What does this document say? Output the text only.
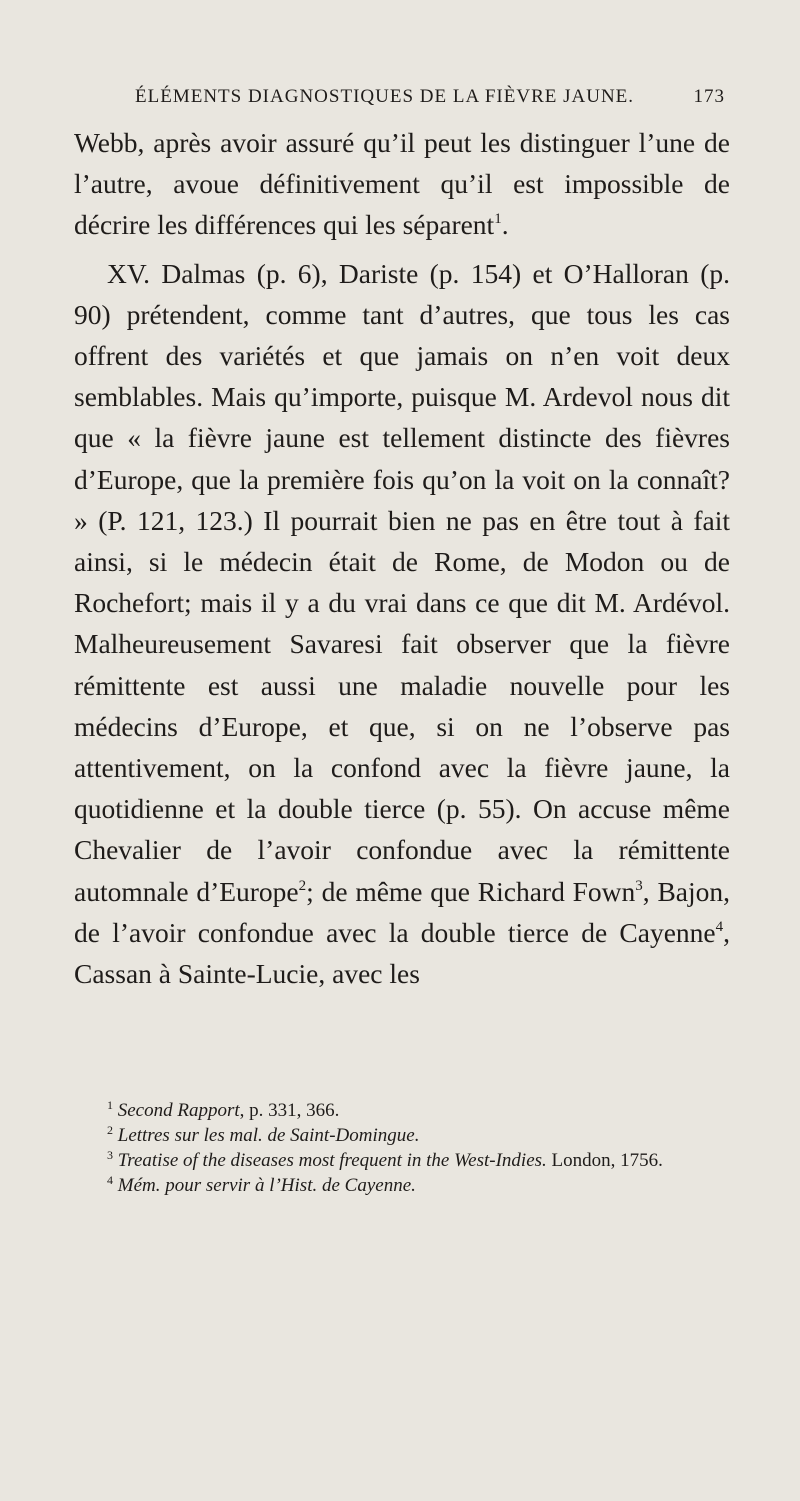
ÉLÉMENTS DIAGNOSTIQUES DE LA FIÈVRE JAUNE.	173

Webb, après avoir assuré qu’il peut les distinguer l’une de l’autre, avoue définitivement qu’il est impossible de décrire les différences qui les séparent$^1$.

XV. Dalmas (p. 6), Dariste (p. 154) et O’Halloran (p. 90) prétendent, comme tant d’autres, que tous les cas offrent des variétés et que jamais on n’en voit deux semblables. Mais qu’importe, puisque M. Ardevol nous dit que « la fièvre jaune est tellement distincte des fièvres d’Europe, que la première fois qu’on la voit on la connaît? » (P. 121, 123.) Il pourrait bien ne pas en être tout à fait ainsi, si le médecin était de Rome, de Modon ou de Rochefort; mais il y a du vrai dans ce que dit M. Ardévol. Malheureusement Savaresi fait observer que la fièvre rémittente est aussi une maladie nouvelle pour les médecins d’Europe, et que, si on ne l’observe pas attentivement, on la confond avec la fièvre jaune, la quotidienne et la double tierce (p. 55). On accuse même Chevalier de l’avoir confondue avec la rémittente automnale d’Europe$^2$; de même que Richard Fown$^3$, Bajon, de l’avoir confondue avec la double tierce de Cayenne$^4$, Cassan à Sainte-Lucie, avec les

$^1$ Second Rapport, p. 331, 366.
$^2$ Lettres sur les mal. de Saint-Domingue.
$^3$ Treatise of the diseases most frequent in the West-Indies. London, 1756.
$^4$ Mém. pour servir à l’Hist. de Cayenne.
